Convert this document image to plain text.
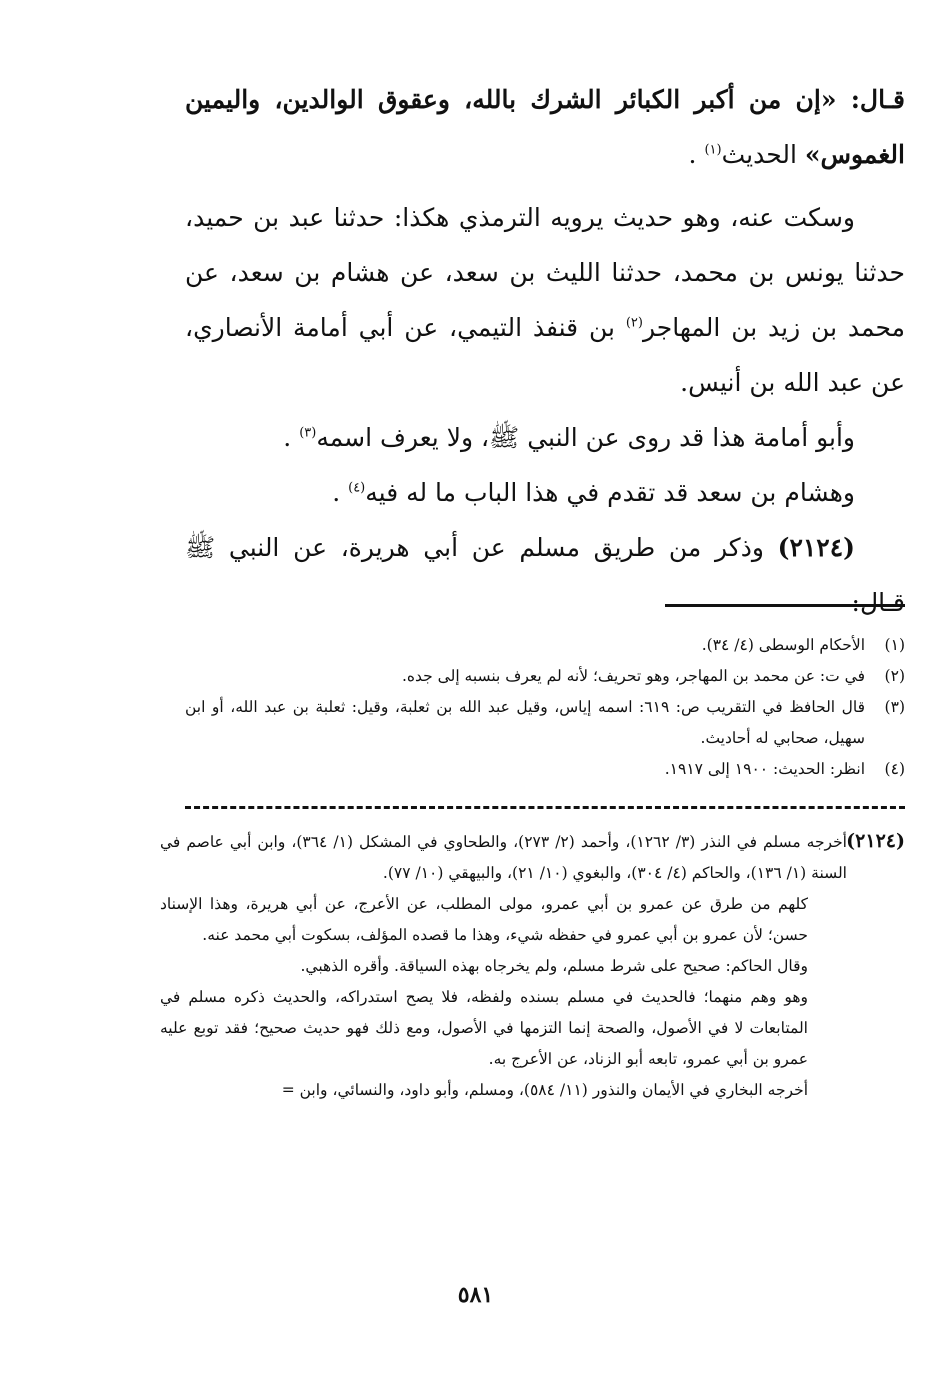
قـال: «إن من أكبر الكبائر الشرك بالله، وعقوق الوالدين، واليمين الغموس» الحديث$^{(١)}$ .

وسكت عنه، وهو حديث يرويه الترمذي هكذا: حدثنا عبد بن حميد، حدثنا يونس بن محمد، حدثنا الليث بن سعد، عن هشام بن سعد، عن محمد بن زيد بن المهاجر$^{(٢)}$ بن قنفذ التيمي، عن أبي أمامة الأنصاري، عن عبد الله بن أنيس.

وأبو أمامة هذا قد روى عن النبي ﷺ، ولا يعرف اسمه$^{(٣)}$ .

وهشام بن سعد قد تقدم في هذا الباب ما له فيه$^{(٤)}$ .

(٢١٢٤) وذكر من طريق مسلم عن أبي هريرة، عن النبي ﷺ قـال:

(١)
الأحكام الوسطى (٤/ ٣٤).
(٢)
في ت: عن محمد بن المهاجر، وهو تحريف؛ لأنه لم يعرف بنسبه إلى جده.
(٣)
قال الحافظ في التقريب ص: ٦١٩: اسمه إياس، وقيل عبد الله بن ثعلبة، وقيل: ثعلبة بن عبد الله، أو ابن سهيل، صحابي له أحاديث.
(٤)
انظر: الحديث: ١٩٠٠ إلى ١٩١٧.

(٢١٢٤)أخرجه مسلم في النذر (٣/ ١٢٦٢)، وأحمد (٢/ ٢٧٣)، والطحاوي في المشكل (١/ ٣٦٤)، وابن أبي عاصم في السنة (١/ ١٣٦)، والحاكم (٤/ ٣٠٤)، والبغوي (١٠/ ٢١)، والبيهقي (١٠/ ٧٧).

كلهم من طرق عن عمرو بن أبي عمرو، مولى المطلب، عن الأعرج، عن أبي هريرة، وهذا الإسناد حسن؛ لأن عمرو بن أبي عمرو في حفظه شيء، وهذا ما قصده المؤلف، بسكوت أبي محمد عنه.

وقال الحاكم: صحيح على شرط مسلم، ولم يخرجاه بهذه السياقة. وأقره الذهبي.

وهو وهم منهما؛ فالحديث في مسلم بسنده ولفظه، فلا يصح استدراكه، والحديث ذكره مسلم في المتابعات لا في الأصول، والصحة إنما التزمها في الأصول، ومع ذلك فهو حديث صحيح؛ فقد توبع عليه عمرو بن أبي عمرو، تابعه أبو الزناد، عن الأعرج به.

أخرجه البخاري في الأيمان والنذور (١١/ ٥٨٤)، ومسلم، وأبو داود، والنسائي، وابن =

٥٨١
